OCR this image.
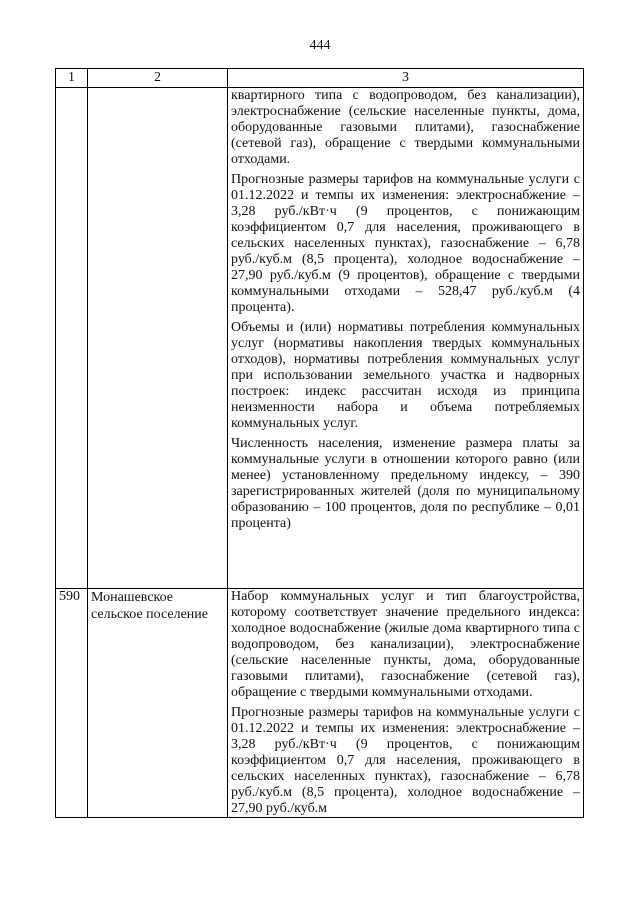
444
1	2	3

		квартирного типа с водопроводом, без канализации), электроснабжение (сельские населенные пункты, дома, оборудованные газовыми плитами), газоснабжение (сетевой газ), обращение с твердыми коммунальными отходами.

Прогнозные размеры тарифов на коммунальные услуги с 01.12.2022 и темпы их изменения: электроснабжение – 3,28 руб./кВт·ч (9 процентов, с понижающим коэффициентом 0,7 для населения, проживающего в сельских населенных пунктах), газоснабжение – 6,78 руб./куб.м (8,5 процента), холодное водоснабжение – 27,90 руб./куб.м (9 процентов), обращение с твердыми коммунальными отходами – 528,47 руб./куб.м (4 процента).

Объемы и (или) нормативы потребления коммунальных услуг (нормативы накопления твердых коммунальных отходов), нормативы потребления коммунальных услуг при использовании земельного участка и надворных построек: индекс рассчитан исходя из принципа неизменности набора и объема потребляемых коммунальных услуг.

Численность населения, изменение размера платы за коммунальные услуги в отношении которого равно (или менее) установленному предельному индексу, – 390 зарегистрированных жителей (доля по муниципальному образованию – 100 процентов, доля по республике – 0,01 процента)

590	Монашевское сельское поселение	Набор коммунальных услуг и тип благоустройства, которому соответствует значение предельного индекса: холодное водоснабжение (жилые дома квартирного типа с водопроводом, без канализации), электроснабжение (сельские населенные пункты, дома, оборудованные газовыми плитами), газоснабжение (сетевой газ), обращение с твердыми коммунальными отходами.

Прогнозные размеры тарифов на коммунальные услуги с 01.12.2022 и темпы их изменения: электроснабжение – 3,28 руб./кВт·ч (9 процентов, с понижающим коэффициентом 0,7 для населения, проживающего в сельских населенных пунктах), газоснабжение – 6,78 руб./куб.м (8,5 процента), холодное водоснабжение – 27,90 руб./куб.м
